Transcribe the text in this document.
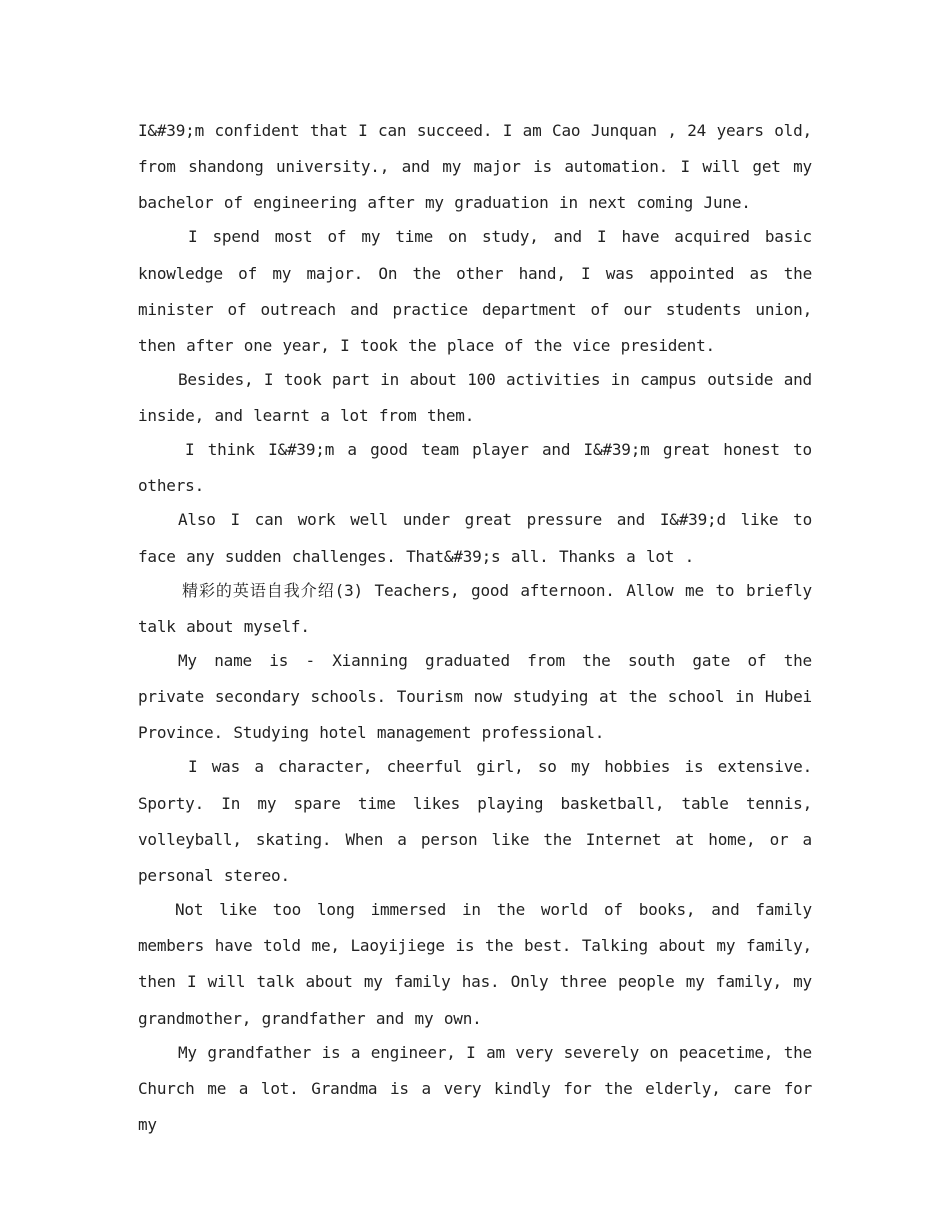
I&#39;m confident that I can succeed. I am Cao Junquan , 24 years old, from shandong university., and my major is automation. I will get my bachelor of engineering after my graduation in next coming June.

I spend most of my time on study, and I have acquired basic knowledge of my major. On the other hand, I was appointed as the minister of outreach and practice department of our students union, then after one year, I took the place of the vice president.

Besides, I took part in about 100 activities in campus outside and inside, and learnt a lot from them.

I think I&#39;m a good team player and I&#39;m great honest to others.

Also I can work well under great pressure and I&#39;d like to face any sudden challenges. That&#39;s all. Thanks a lot .

精彩的英语自我介绍(3) Teachers, good afternoon. Allow me to briefly talk about myself.

My name is - Xianning graduated from the south gate of the private secondary schools. Tourism now studying at the school in Hubei Province. Studying hotel management professional.

I was a character, cheerful girl, so my hobbies is extensive. Sporty. In my spare time likes playing basketball, table tennis, volleyball, skating. When a person like the Internet at home, or a personal stereo.

Not like too long immersed in the world of books, and family members have told me, Laoyijiege is the best. Talking about my family, then I will talk about my family has. Only three people my family, my grandmother, grandfather and my own.

My grandfather is a engineer, I am very severely on peacetime, the Church me a lot. Grandma is a very kindly for the elderly, care for my
